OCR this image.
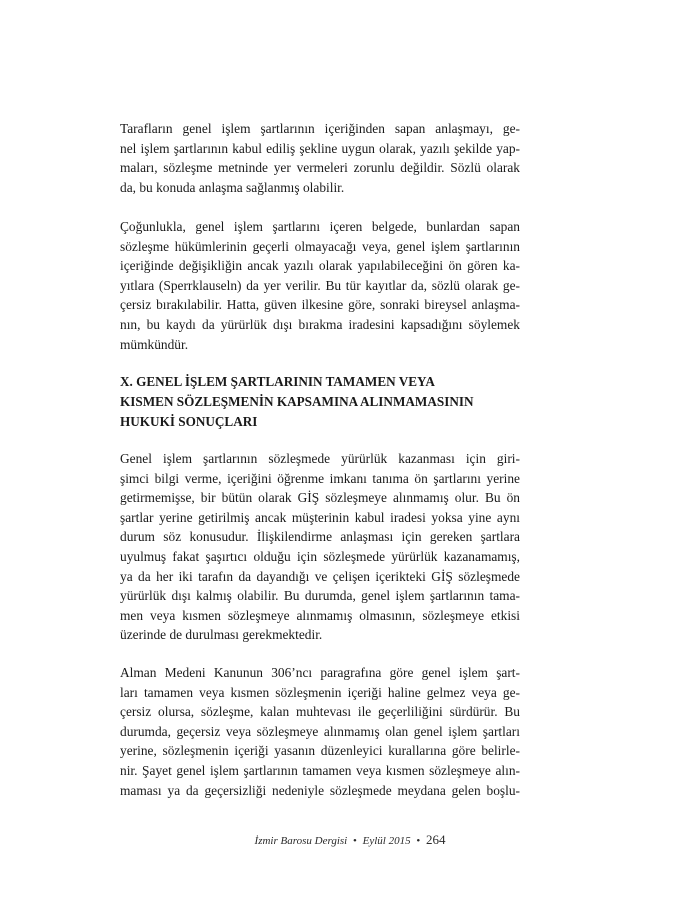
Tarafların genel işlem şartlarının içeriğinden sapan anlaşmayı, ge-
nel işlem şartlarının kabul ediliş şekline uygun olarak, yazılı şekilde yap-
maları, sözleşme metninde yer vermeleri zorunlu değildir. Sözlü olarak
da, bu konuda anlaşma sağlanmış olabilir.
Çoğunlukla, genel işlem şartlarını içeren belgede, bunlardan sapan
sözleşme hükümlerinin geçerli olmayacağı veya, genel işlem şartlarının
içeriğinde değişikliğin ancak yazılı olarak yapılabileceğini ön gören ka-
yıtlara (Sperrklauseln) da yer verilir. Bu tür kayıtlar da, sözlü olarak ge-
çersiz bırakılabilir. Hatta, güven ilkesine göre, sonraki bireysel anlaşma-
nın, bu kaydı da yürürlük dışı bırakma iradesini kapsadığını söylemek
mümkündür.
X. GENEL İŞLEM ŞARTLARININ TAMAMEN VEYA
KISMEN SÖZLEŞMENİN KAPSAMINA ALINMAMASININ
HUKUKİ SONUÇLARI
Genel işlem şartlarının sözleşmede yürürlük kazanması için giri-
şimci bilgi verme, içeriğini öğrenme imkanı tanıma ön şartlarını yerine
getirmemişse, bir bütün olarak GİŞ sözleşmeye alınmamış olur. Bu ön
şartlar yerine getirilmiş ancak müşterinin kabul iradesi yoksa yine aynı
durum söz konusudur. İlişkilendirme anlaşması için gereken şartlara
uyulmuş fakat şaşırtıcı olduğu için sözleşmede yürürlük kazanamamış,
ya da her iki tarafın da dayandığı ve çelişen içerikteki GİŞ sözleşmede
yürürlük dışı kalmış olabilir. Bu durumda, genel işlem şartlarının tama-
men veya kısmen sözleşmeye alınmamış olmasının, sözleşmeye etkisi
üzerinde de durulması gerekmektedir.
Alman Medeni Kanunun 306’ncı paragrafına göre genel işlem şart-
ları tamamen veya kısmen sözleşmenin içeriği haline gelmez veya ge-
çersiz olursa, sözleşme, kalan muhtevası ile geçerliliğini sürdürür. Bu
durumda, geçersiz veya sözleşmeye alınmamış olan genel işlem şartları
yerine, sözleşmenin içeriği yasanın düzenleyici kurallarına göre belirle-
nir. Şayet genel işlem şartlarının tamamen veya kısmen sözleşmeye alın-
maması ya da geçersizliği nedeniyle sözleşmede meydana gelen boşlu-
İzmir Barosu Dergisi • Eylül 2015 • 264
